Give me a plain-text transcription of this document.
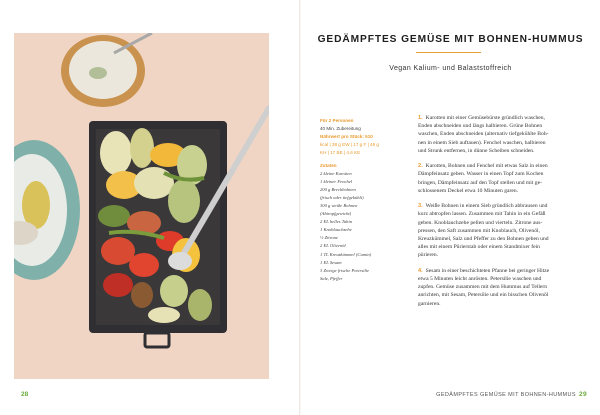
28
GEDÄMPFTES GEMÜSE MIT BOHNEN-HUMMUS
Vegan Kalium- und Balaststoffreich
Für 2 Personen
40 Min. Zubereitung
Nährwert pro Stück: 510
kcal | 38 g EW | 17 g F | 46 g
KH | 17 BE | 4,6 KE
Zutaten
2 kleine Karotten
1 kleiner Fenchel
200 g Brechbohnen
(frisch oder tiefgekühlt)
300 g weiße Bohnen
(Abtropfgewicht)
2 EL helles Tahin
1 Knoblauchzehe
½ Zitrone
2 EL Olivenöl
1 TL Kreuzkümmel (Cumin)
1 EL Sesam
3 Zweige frische Petersilie
Salz, Pfeffer
1. Karotten mit einer Gemüsebürste gründlich waschen,
Enden abschneiden und längs halbieren. Grüne Bohnen
waschen, Enden abschneiden (alternativ tiefgekühlte Boh-
nen in einem Sieb auftauen). Fenchel waschen, halbieren
und Strunk entfernen, in dünne Scheiben schneiden.
2. Karotten, Bohnen und Fenchel mit etwas Salz in einen
Dämpfeinsatz geben. Wasser in einen Topf zum Kochen
bringen, Dämpfeinsatz auf den Topf stellen und mit ge-
schlossenem Deckel etwa 10 Minuten garen.
3. Weiße Bohnen in einem Sieb gründlich abbrausen und
kurz abtropfen lassen. Zusammen mit Tahin in ein Gefäß
geben. Knoblauchzehe pellen und vierteln. Zitrone aus-
pressen, den Saft zusammen mit Knoblauch, Olivenöl,
Kreuzkümmel, Salz und Pfeffer zu den Bohnen geben und
alles mit einem Pürierstab oder einem Standmixer fein
pürieren.
4. Sesam in einer beschichteten Pfanne bei geringer Hitze
etwa 5 Minuten leicht anrösten. Petersilie waschen und
zupfen. Gemüse zusammen mit dem Hummus auf Tellern
anrichten, mit Sesam, Petersilie und ein bisschen Olivenöl
garnieren.
GEDÄMPFTES GEMÜSE MIT BOHNEN-HUMMUS 29
